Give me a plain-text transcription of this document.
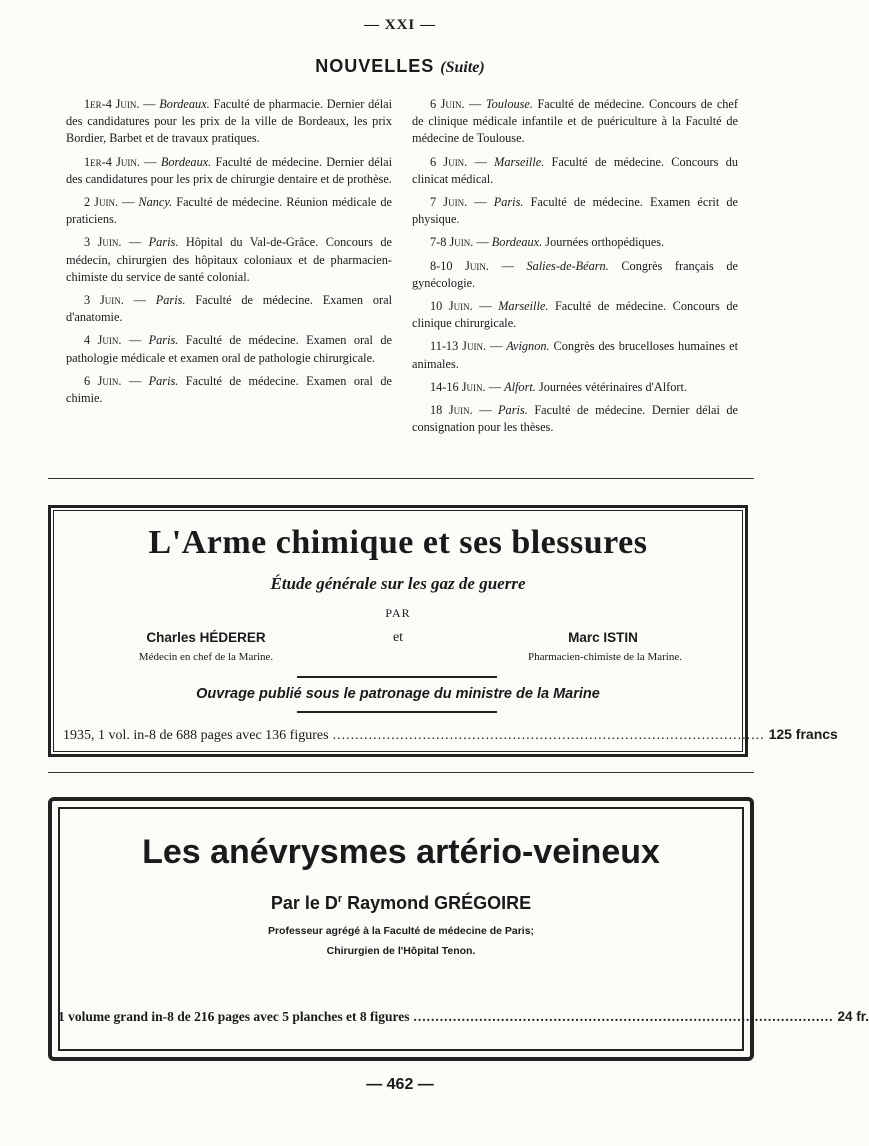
— XXI —
NOUVELLES (Suite)

1er-4 Juin. — Bordeaux. Faculté de pharmacie. Dernier délai des candidatures pour les prix de la ville de Bordeaux, les prix Bordier, Barbet et de travaux pratiques.

1er-4 Juin. — Bordeaux. Faculté de médecine. Dernier délai des candidatures pour les prix de chirurgie dentaire et de prothèse.

2 Juin. — Nancy. Faculté de médecine. Réunion médicale de praticiens.

3 Juin. — Paris. Hôpital du Val-de-Grâce. Concours de médecin, chirurgien des hôpitaux coloniaux et de pharmacien-chimiste du service de santé colonial.

3 Juin. — Paris. Faculté de médecine. Examen oral d'anatomie.

4 Juin. — Paris. Faculté de médecine. Examen oral de pathologie médicale et examen oral de pathologie chirurgicale.

6 Juin. — Paris. Faculté de médecine. Examen oral de chimie.

6 Juin. — Toulouse. Faculté de médecine. Concours de chef de clinique médicale infantile et de puériculture à la Faculté de médecine de Toulouse.

6 Juin. — Marseille. Faculté de médecine. Concours du clinicat médical.

7 Juin. — Paris. Faculté de médecine. Examen écrit de physique.

7-8 Juin. — Bordeaux. Journées orthopédiques.

8-10 Juin. — Salies-de-Béarn. Congrès français de gynécologie.

10 Juin. — Marseille. Faculté de médecine. Concours de clinique chirurgicale.

11-13 Juin. — Avignon. Congrès des brucelloses humaines et animales.

14-16 Juin. — Alfort. Journées vétérinaires d'Alfort.

18 Juin. — Paris. Faculté de médecine. Dernier délai de consignation pour les thèses.

L'Arme chimique et ses blessures
Étude générale sur les gaz de guerre
PAR
Charles HÉDERER	et	Marc ISTIN
Médecin en chef de la Marine.	Pharmacien-chimiste de la Marine.
Ouvrage publié sous le patronage du ministre de la Marine
1935, 1 vol. in-8 de 688 pages avec 136 figures ................................................................................................ 125 francs
Les anévrysmes artério-veineux
Par le $D^r$ Raymond GRÉGOIRE
Professeur agrégé à la Faculté de médecine de Paris;
Chirurgien de l'Hôpital Tenon.
1 volume grand in-8 de 216 pages avec 5 planches et 8 figures ................................................................................................ 24 fr.
— 462 —
